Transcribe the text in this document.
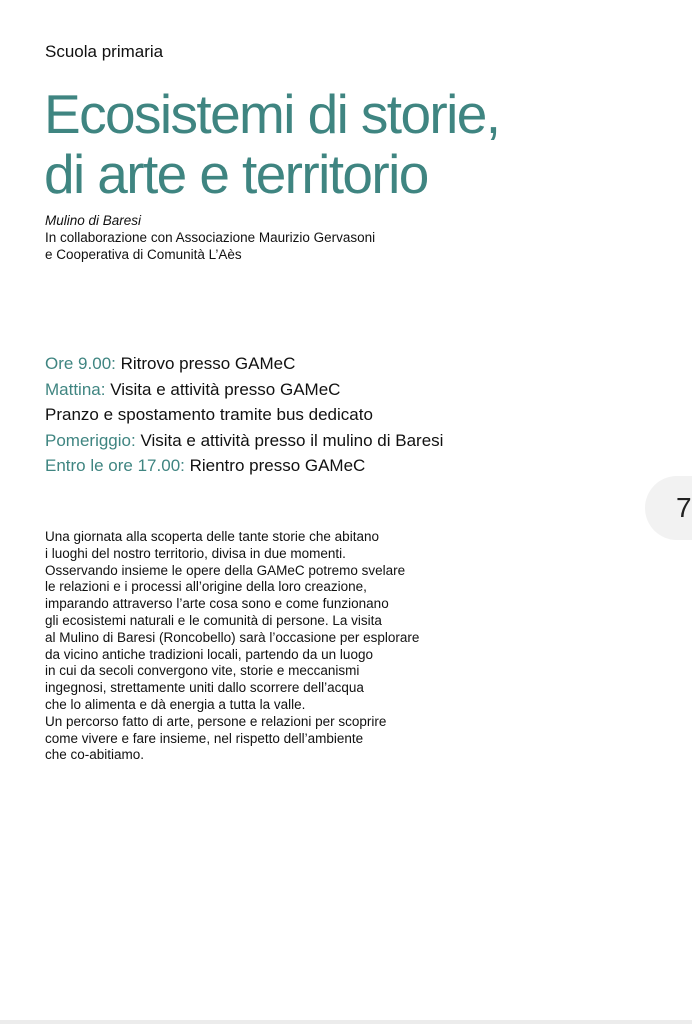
Scuola primaria
Ecosistemi di storie,
di arte e territorio
Mulino di Baresi
In collaborazione con Associazione Maurizio Gervasoni
e Cooperativa di Comunità L’Aès
Ore 9.00: Ritrovo presso GAMeC
Mattina: Visita e attività presso GAMeC
Pranzo e spostamento tramite bus dedicato
Pomeriggio: Visita e attività presso il mulino di Baresi
Entro le ore 17.00: Rientro presso GAMeC

Una giornata alla scoperta delle tante storie che abitano
i luoghi del nostro territorio, divisa in due momenti.
Osservando insieme le opere della GAMeC potremo svelare
le relazioni e i processi all’origine della loro creazione,
imparando attraverso l’arte cosa sono e come funzionano
gli ecosistemi naturali e le comunità di persone. La visita
al Mulino di Baresi (Roncobello) sarà l’occasione per esplorare
da vicino antiche tradizioni locali, partendo da un luogo
in cui da secoli convergono vite, storie e meccanismi
ingegnosi, strettamente uniti dallo scorrere dell’acqua
che lo alimenta e dà energia a tutta la valle.
Un percorso fatto di arte, persone e relazioni per scoprire
come vivere e fare insieme, nel rispetto dell’ambiente
che co-abitiamo.

7
